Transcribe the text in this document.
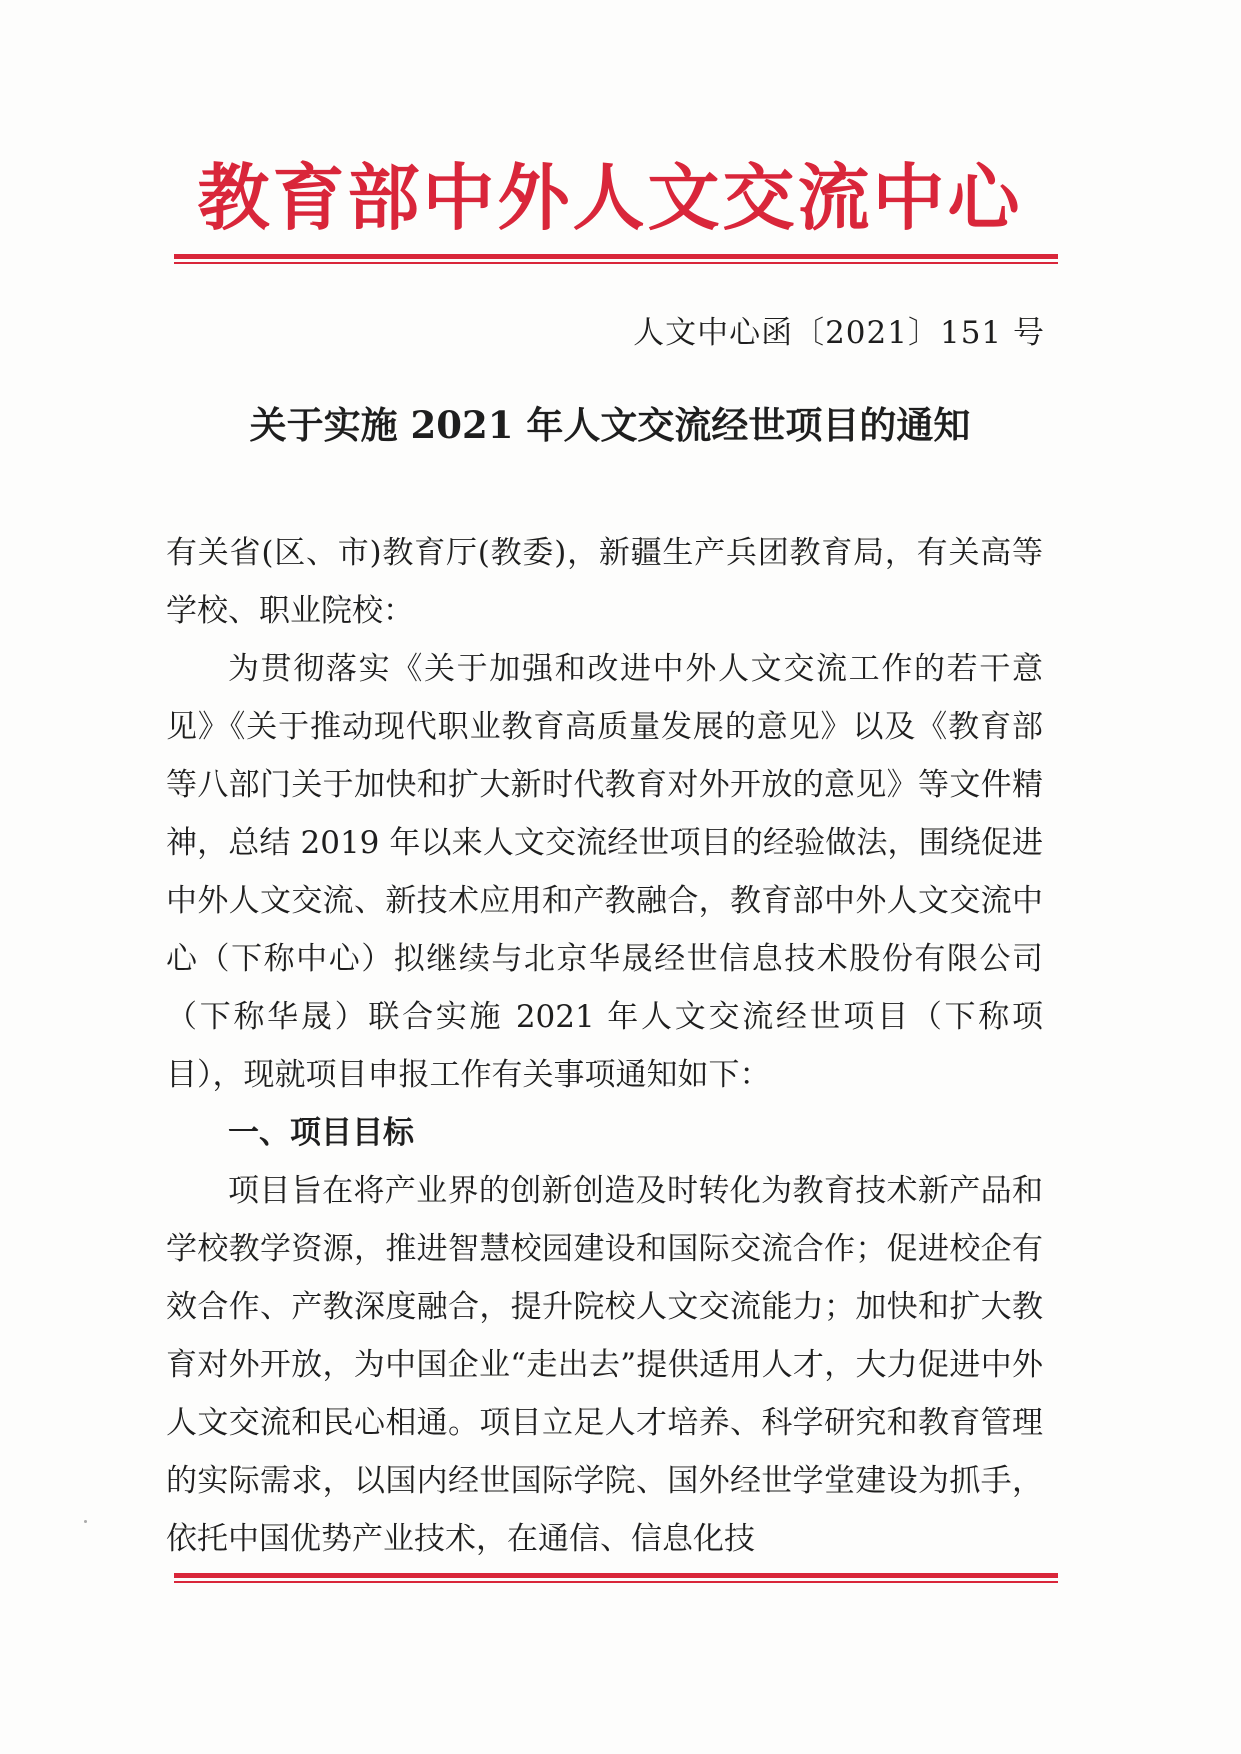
教育部中外人文交流中心
人文中心函〔2021〕151 号
关于实施 2021 年人文交流经世项目的通知

有关省(区、市)教育厅(教委)，新疆生产兵团教育局，有关高等学校、职业院校：

为贯彻落实《关于加强和改进中外人文交流工作的若干意见》《关于推动现代职业教育高质量发展的意见》以及《教育部等八部门关于加快和扩大新时代教育对外开放的意见》等文件精神，总结 2019 年以来人文交流经世项目的经验做法，围绕促进中外人文交流、新技术应用和产教融合，教育部中外人文交流中心（下称中心）拟继续与北京华晟经世信息技术股份有限公司（下称华晟）联合实施 2021 年人文交流经世项目（下称项目），现就项目申报工作有关事项通知如下：

一、项目目标

项目旨在将产业界的创新创造及时转化为教育技术新产品和学校教学资源，推进智慧校园建设和国际交流合作；促进校企有效合作、产教深度融合，提升院校人文交流能力；加快和扩大教育对外开放，为中国企业“走出去”提供适用人才，大力促进中外人文交流和民心相通。项目立足人才培养、科学研究和教育管理的实际需求，以国内经世国际学院、国外经世学堂建设为抓手，依托中国优势产业技术，在通信、信息化技
